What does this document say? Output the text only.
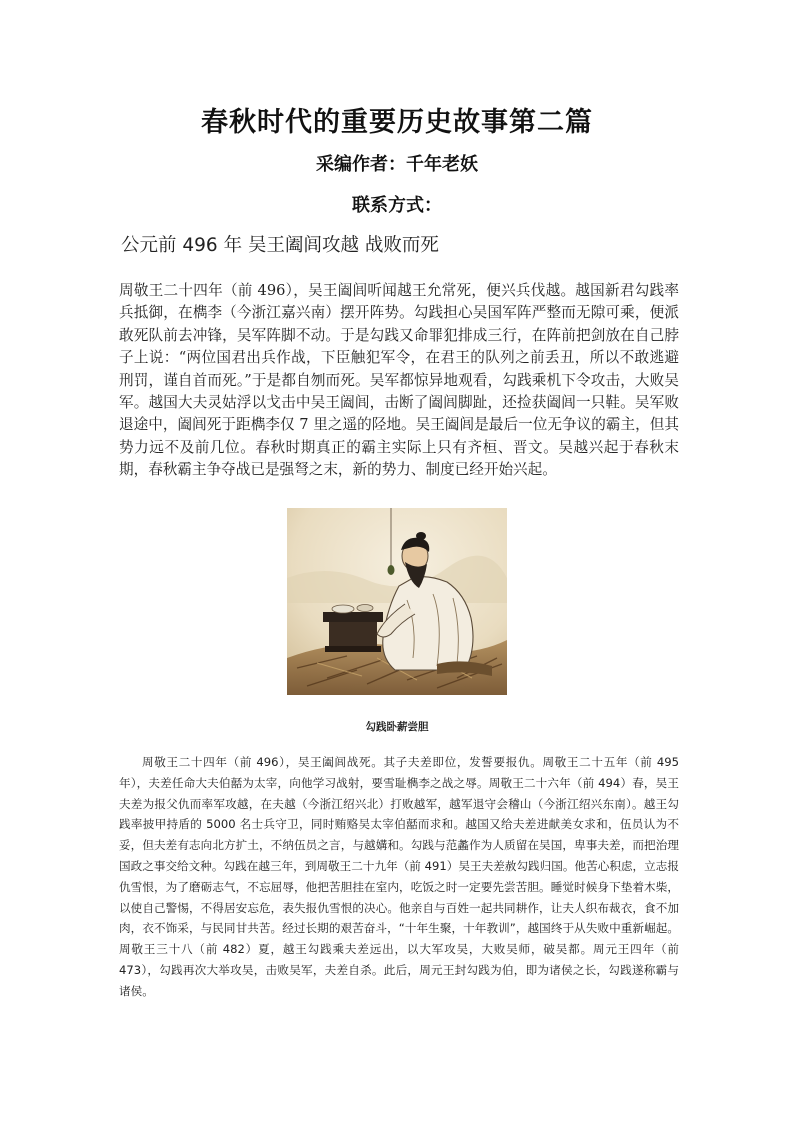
春秋时代的重要历史故事第二篇
采编作者：千年老妖
联系方式：
公元前 496 年 吴王阖闾攻越 战败而死
周敬王二十四年（前 496），吴王阖闾听闻越王允常死，便兴兵伐越。越国新君勾践率兵抵御，在檇李（今浙江嘉兴南）摆开阵势。勾践担心吴国军阵严整而无隙可乘，便派敢死队前去冲锋，吴军阵脚不动。于是勾践又命罪犯排成三行，在阵前把剑放在自己脖子上说：“两位国君出兵作战，下臣触犯军令，在君王的队列之前丢丑，所以不敢逃避刑罚，谨自首而死。”于是都自刎而死。吴军都惊异地观看，勾践乘机下令攻击，大败吴军。越国大夫灵姑浮以戈击中吴王阖闾，击断了阖闾脚趾，还捡获阖闾一只鞋。吴军败退途中，阖闾死于距檇李仅 7 里之遥的陉地。吴王阖闾是最后一位无争议的霸主，但其势力远不及前几位。春秋时期真正的霸主实际上只有齐桓、晋文。吴越兴起于春秋末期，春秋霸主争夺战已是强弩之末，新的势力、制度已经开始兴起。
勾践卧薪尝胆
周敬王二十四年（前 496），吴王阖闾战死。其子夫差即位，发誓要报仇。周敬王二十五年（前 495 年），夫差任命大夫伯嚭为太宰，向他学习战射，要雪耻檇李之战之辱。周敬王二十六年（前 494）春，吴王夫差为报父仇而率军攻越，在夫越（今浙江绍兴北）打败越军，越军退守会稽山（今浙江绍兴东南）。越王勾践率披甲持盾的 5000 名士兵守卫，同时贿赂吴太宰伯嚭而求和。越国又给夫差进献美女求和，伍员认为不妥，但夫差有志向北方扩土，不纳伍员之言，与越媾和。勾践与范蠡作为人质留在吴国，卑事夫差，而把治理国政之事交给文种。勾践在越三年，到周敬王二十九年（前 491）吴王夫差赦勾践归国。他苦心积虑，立志报仇雪恨，为了磨砺志气，不忘屈辱，他把苦胆挂在室内，吃饭之时一定要先尝苦胆。睡觉时候身下垫着木柴，以使自己警惕，不得居安忘危，表失报仇雪恨的决心。他亲自与百姓一起共同耕作，让夫人织布裁衣，食不加肉，衣不饰采，与民同甘共苦。经过长期的艰苦奋斗，“十年生聚，十年教训”，越国终于从失败中重新崛起。周敬王三十八（前 482）夏，越王勾践乘夫差远出，以大军攻吴，大败吴师，破吴都。周元王四年（前 473），勾践再次大举攻吴，击败吴军，夫差自杀。此后，周元王封勾践为伯，即为诸侯之长，勾践遂称霸与诸侯。
